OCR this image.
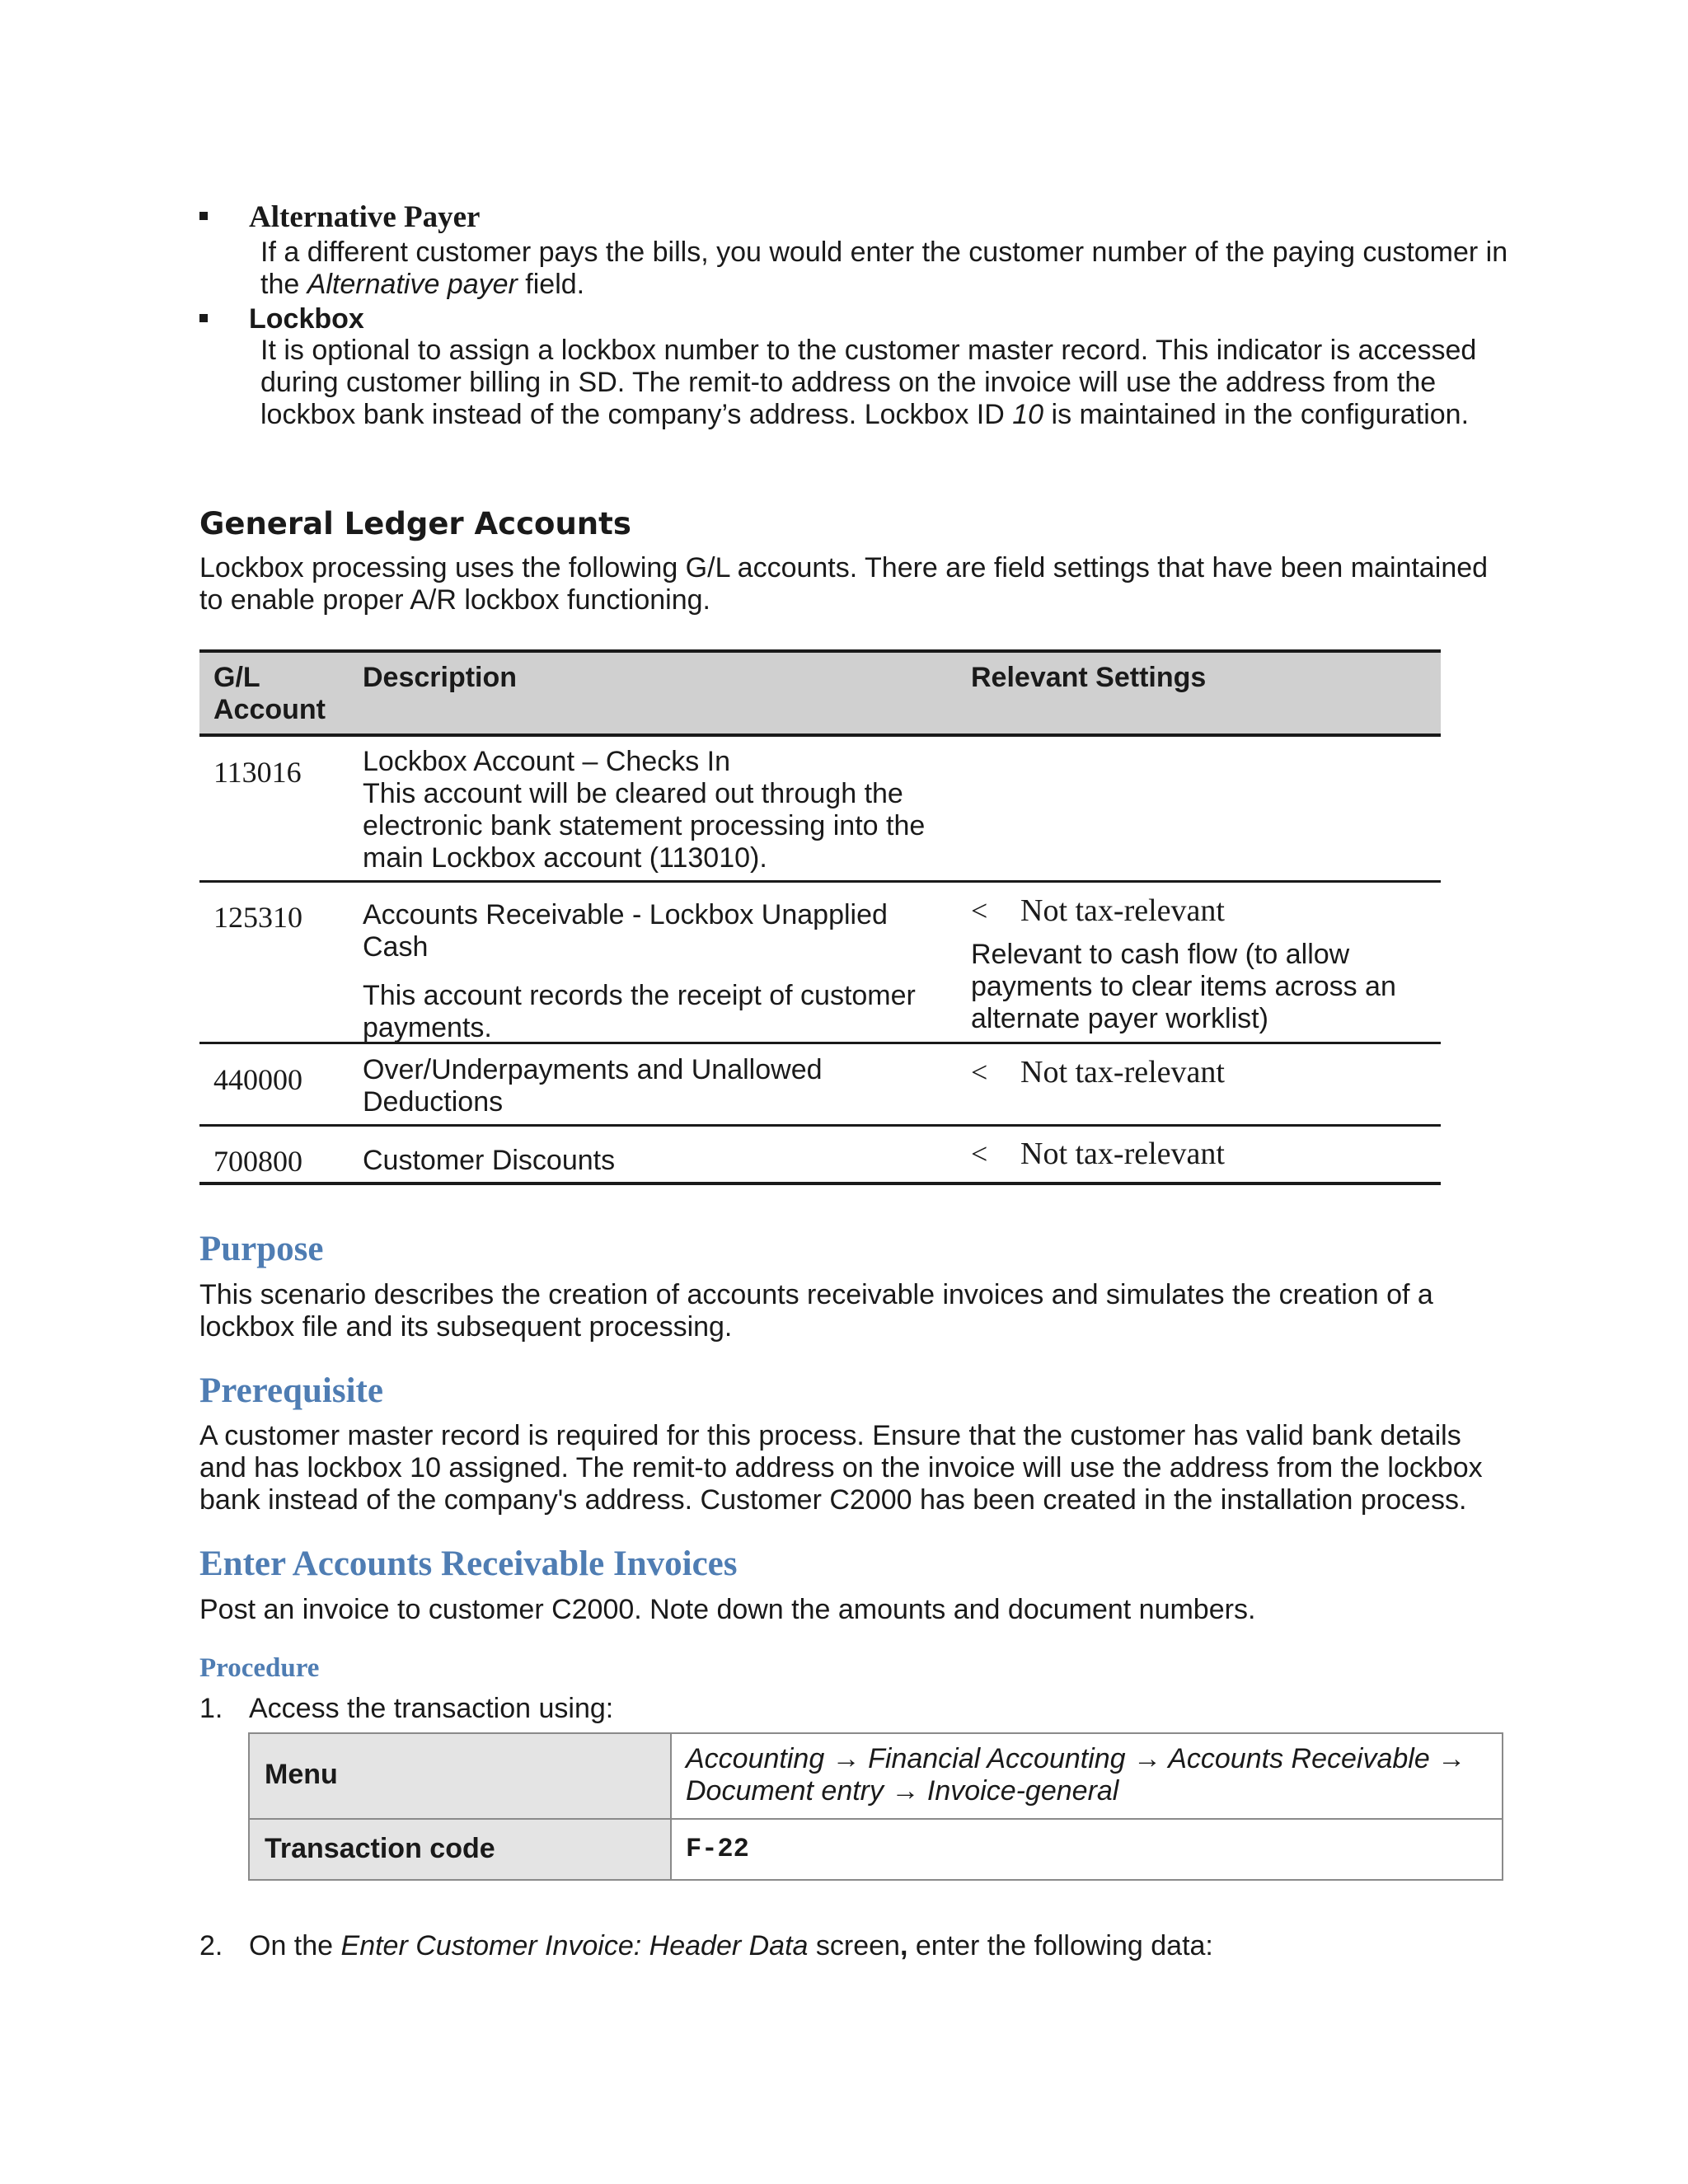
Alternative Payer
If a different customer pays the bills, you would enter the customer number of the paying customer in
the Alternative payer field.
Lockbox
It is optional to assign a lockbox number to the customer master record. This indicator is accessed
during customer billing in SD. The remit-to address on the invoice will use the address from the
lockbox bank instead of the company’s address. Lockbox ID 10 is maintained in the configuration.
General Ledger Accounts
Lockbox processing uses the following G/L accounts. There are field settings that have been maintained
to enable proper A/R lockbox functioning.
G/L
Account
Description	Relevant Settings
113016 Lockbox Account – Checks In
This account will be cleared out through the
electronic bank statement processing into the
main Lockbox account (113010).
125310 Accounts Receivable - Lockbox Unapplied
Cash
This account records the receipt of customer
payments.
< Not tax-relevant
Relevant to cash flow (to allow
payments to clear items across an
alternate payer worklist)
440000 Over/Underpayments and Unallowed
Deductions
< Not tax-relevant
700800 Customer Discounts	< Not tax-relevant
Purpose
This scenario describes the creation of accounts receivable invoices and simulates the creation of a
lockbox file and its subsequent processing.
Prerequisite
A customer master record is required for this process. Ensure that the customer has valid bank details
and has lockbox 10 assigned. The remit-to address on the invoice will use the address from the lockbox
bank instead of the company's address. Customer C2000 has been created in the installation process.
Enter Accounts Receivable Invoices
Post an invoice to customer C2000. Note down the amounts and document numbers.
Procedure
1. Access the transaction using:
Menu
Transaction code
Accounting → Financial Accounting → Accounts Receivable →
Document entry → Invoice-general
F-22
2. On the Enter Customer Invoice: Header Data screen, enter the following data:
